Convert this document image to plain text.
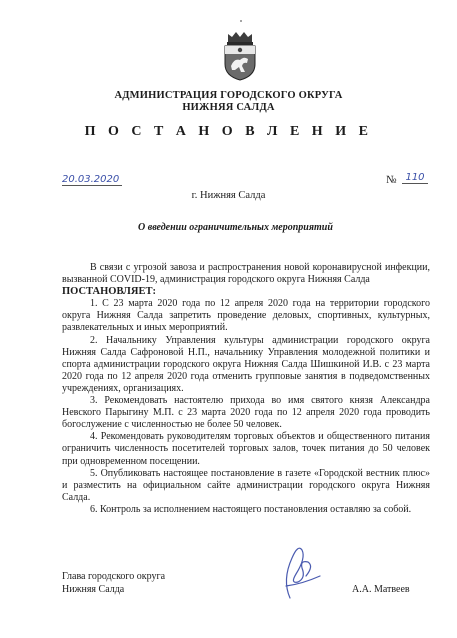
АДМИНИСТРАЦИЯ ГОРОДСКОГО ОКРУГА
НИЖНЯЯ САЛДА
П О С Т А Н О В Л Е Н И Е
20.03.2020	№ 110
г. Нижняя Салда
О введении ограничительных мероприятий

В связи с угрозой завоза и распространения новой коронавирусной инфекции, вызванной COVID-19, администрация городского округа Нижняя Салда

ПОСТАНОВЛЯЕТ:

1. С 23 марта 2020 года по 12 апреля 2020 года на территории городского округа Нижняя Салда запретить проведение деловых, спортивных, культурных, развлекательных и иных мероприятий.

2. Начальнику Управления культуры администрации городского округа Нижняя Салда Сафроновой Н.П., начальнику Управления молодежной политики и спорта администрации городского округа Нижняя Салда Шишкиной И.В. с 23 марта 2020 года по 12 апреля 2020 года отменить групповые занятия в подведомственных учреждениях, организациях.

3. Рекомендовать настоятелю прихода во имя святого князя Александра Невского Парыгину М.П. с 23 марта 2020 года по 12 апреля 2020 года проводить богослужение с численностью не более 50 человек.

4. Рекомендовать руководителям торговых объектов и общественного питания ограничить численность посетителей торговых залов, точек питания до 50 человек при одновременном посещении.

5. Опубликовать настоящее постановление в газете «Городской вестник плюс» и разместить на официальном сайте администрации городского округа Нижняя Салда.

6. Контроль за исполнением настоящего постановления оставляю за собой.

Глава городского округа
Нижняя Салда	А.А. Матвеев
